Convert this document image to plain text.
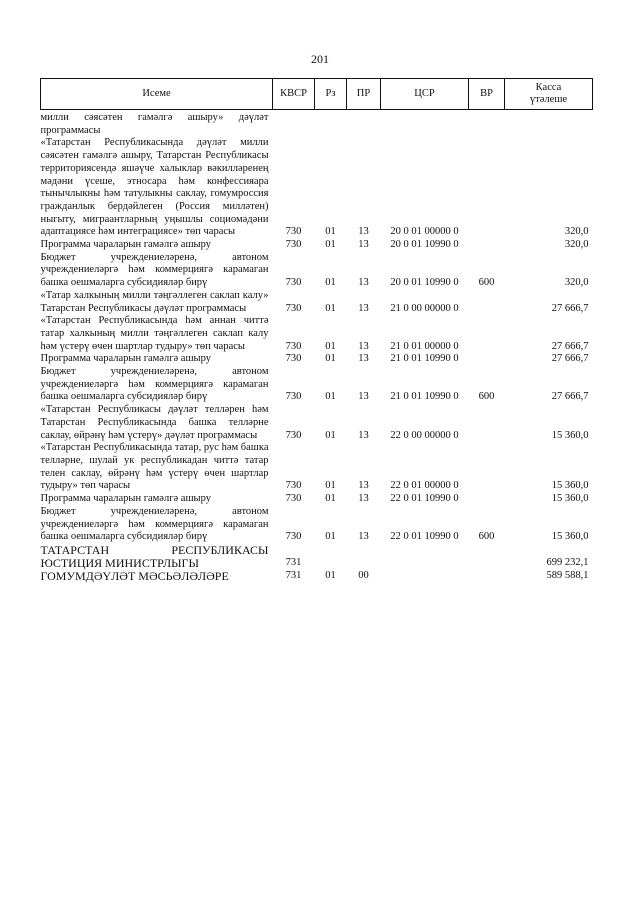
201
Исеме	КВСР	Рз	ПР	ЦСР	ВР	Касса
үтәлеше
милли сәясәтен гамәлгә ашыру» дәүләт программасы						
«Татарстан Республикасында дәүләт милли сәясәтен гамәлгә ашыру, Татарстан Республикасы территориясендә яшәүче халыклар вәкилләренең мәдәни үсеше, этносара һәм конфессияара тынычлыкны һәм татулыкны саклау, гомумроссия гражданлык бердәйлеген (Россия милләтен) ныгыту, миграантларның уңышлы социомәдәни адаптациясе һәм интеграциясе» төп чарасы	730	01	13	20 0 01 00000 0		320,0
Программа чараларын гамәлгә ашыру	730	01	13	20 0 01 10990 0		320,0
Бюджет учреждениеләренә, автоном учреждениеләргә һәм коммерциягә карамаган башка оешмаларга субсидияләр бирү	730	01	13	20 0 01 10990 0	600	320,0
«Татар халкының милли тәңгәллеген саклап калу» Татарстан Республикасы дәүләт программасы	730	01	13	21 0 00 00000 0		27 666,7
«Татарстан Республикасында һәм аннан читтә татар халкының милли тәңгәллеген саклап калу һәм үстерү өчен шартлар тудыру» төп чарасы	730	01	13	21 0 01 00000 0		27 666,7
Программа чараларын гамәлгә ашыру	730	01	13	21 0 01 10990 0		27 666,7
Бюджет учреждениеләренә, автоном учреждениеләргә һәм коммерциягә карамаган башка оешмаларга субсидияләр бирү	730	01	13	21 0 01 10990 0	600	27 666,7
«Татарстан Республикасы дәүләт телләрен һәм Татарстан Республикасында башка телләрне саклау, өйрәнү һәм үстерү» дәүләт программасы	730	01	13	22 0 00 00000 0		15 360,0
«Татарстан Республикасында татар, рус һәм башка телләрне, шулай ук республикадан читтә татар телен саклау, өйрәнү һәм үстерү өчен шартлар тудыру» төп чарасы	730	01	13	22 0 01 00000 0		15 360,0
Программа чараларын гамәлгә ашыру	730	01	13	22 0 01 10990 0		15 360,0
Бюджет учреждениеләренә, автоном учреждениеләргә һәм коммерциягә карамаган башка оешмаларга субсидияләр бирү	730	01	13	22 0 01 10990 0	600	15 360,0
ТАТАРСТАН РЕСПУБЛИКАСЫ ЮСТИЦИЯ МИНИСТРЛЫГЫ	731					699 232,1
ГОМУМДӘҮЛӘТ МӘСЬӘЛӘЛӘРЕ	731	01	00			589 588,1
